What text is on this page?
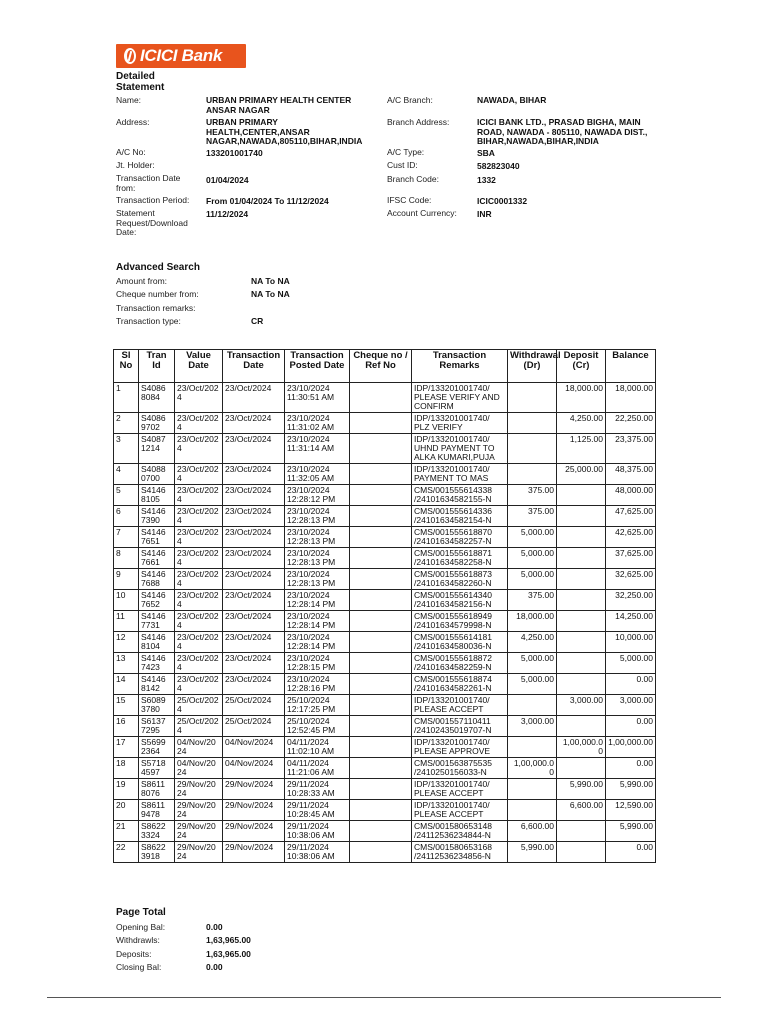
ICICI Bank
Detailed
Statement
Name:	URBAN PRIMARY HEALTH CENTER ANSAR NAGAR
Address:	URBAN PRIMARY HEALTH,CENTER,ANSAR NAGAR,NAWADA,805110,BIHAR,INDIA
A/C No:	133201001740
Jt. Holder:
Transaction Date from:
01/04/2024
Transaction Period: From 01/04/2024 To 11/12/2024
Statement Request/Download Date:
11/12/2024
A/C Branch:	NAWADA, BIHAR
Branch Address:	ICICI BANK LTD., PRASAD BIGHA, MAIN ROAD, NAWADA - 805110, NAWADA DIST., BIHAR,NAWADA,BIHAR,INDIA
A/C Type:	SBA
Cust ID:	582823040
Branch Code:	1332
IFSC Code:	ICIC0001332
Account Currency: INR
Advanced Search
Amount from:	NA To NA
Cheque number from:	NA To NA
Transaction remarks:
Transaction type:	CR
Sl No	Tran Id	Value Date	Transaction Date	Transaction Posted Date	Cheque no / Ref No	Transaction Remarks	Withdrawal (Dr)	Deposit (Cr)	Balance
1	S4086 8084	23/Oct/2024	23/Oct/2024	23/10/2024 11:30:51 AM		IDP/133201001740/ PLEASE VERIFY AND CONFIRM		18,000.00	18,000.00
2	S4086 9702	23/Oct/2024	23/Oct/2024	23/10/2024 11:31:02 AM		IDP/133201001740/ PLZ VERIFY		4,250.00	22,250.00
3	S4087 1214	23/Oct/2024	23/Oct/2024	23/10/2024 11:31:14 AM		IDP/133201001740/ UHND PAYMENT TO ALKA KUMARI,PUJA		1,125.00	23,375.00
4	S4088 0700	23/Oct/2024	23/Oct/2024	23/10/2024 11:32:05 AM		IDP/133201001740/ PAYMENT TO MAS		25,000.00	48,375.00
5	S4146 8105	23/Oct/2024	23/Oct/2024	23/10/2024 12:28:12 PM		CMS/001555614338 /24101634582155-N	375.00		48,000.00
6	S4146 7390	23/Oct/2024	23/Oct/2024	23/10/2024 12:28:13 PM		CMS/001555614336 /24101634582154-N	375.00		47,625.00
7	S4146 7651	23/Oct/2024	23/Oct/2024	23/10/2024 12:28:13 PM		CMS/001555618870 /24101634582257-N	5,000.00		42,625.00
8	S4146 7661	23/Oct/2024	23/Oct/2024	23/10/2024 12:28:13 PM		CMS/001555618871 /24101634582258-N	5,000.00		37,625.00
9	S4146 7688	23/Oct/2024	23/Oct/2024	23/10/2024 12:28:13 PM		CMS/001555618873 /24101634582260-N	5,000.00		32,625.00
10	S4146 7652	23/Oct/2024	23/Oct/2024	23/10/2024 12:28:14 PM		CMS/001555614340 /24101634582156-N	375.00		32,250.00
11	S4146 7731	23/Oct/2024	23/Oct/2024	23/10/2024 12:28:14 PM		CMS/001555618949 /24101634579998-N	18,000.00		14,250.00
12	S4146 8104	23/Oct/2024	23/Oct/2024	23/10/2024 12:28:14 PM		CMS/001555614181 /24101634580036-N	4,250.00		10,000.00
13	S4146 7423	23/Oct/2024	23/Oct/2024	23/10/2024 12:28:15 PM		CMS/001555618872 /24101634582259-N	5,000.00		5,000.00
14	S4146 8142	23/Oct/2024	23/Oct/2024	23/10/2024 12:28:16 PM		CMS/001555618874 /24101634582261-N	5,000.00		0.00
15	S6089 3780	25/Oct/2024	25/Oct/2024	25/10/2024 12:17:25 PM		IDP/133201001740/ PLEASE ACCEPT		3,000.00	3,000.00
16	S6137 7295	25/Oct/2024	25/Oct/2024	25/10/2024 12:52:45 PM		CMS/001557110411 /24102435019707-N	3,000.00		0.00
17	S5699 2364	04/Nov/2024	04/Nov/2024	04/11/2024 11:02:10 AM		IDP/133201001740/ PLEASE APPROVE		1,00,000.00	1,00,000.00
18	S5718 4597	04/Nov/2024	04/Nov/2024	04/11/2024 11:21:06 AM		CMS/001563875535 /2410250156033-N	1,00,000.00		0.00
19	S8611 8076	29/Nov/2024	29/Nov/2024	29/11/2024 10:28:33 AM		IDP/133201001740/ PLEASE ACCEPT		5,990.00	5,990.00
20	S8611 9478	29/Nov/2024	29/Nov/2024	29/11/2024 10:28:45 AM		IDP/133201001740/ PLEASE ACCEPT		6,600.00	12,590.00
21	S8622 3324	29/Nov/2024	29/Nov/2024	29/11/2024 10:38:06 AM		CMS/001580653148 /24112536234844-N	6,600.00		5,990.00
22	S8622 3918	29/Nov/2024	29/Nov/2024	29/11/2024 10:38:06 AM		CMS/001580653168 /24112536234856-N	5,990.00		0.00
Page Total
Opening Bal:	0.00
Withdrawls:	1,63,965.00
Deposits:	1,63,965.00
Closing Bal:	0.00
